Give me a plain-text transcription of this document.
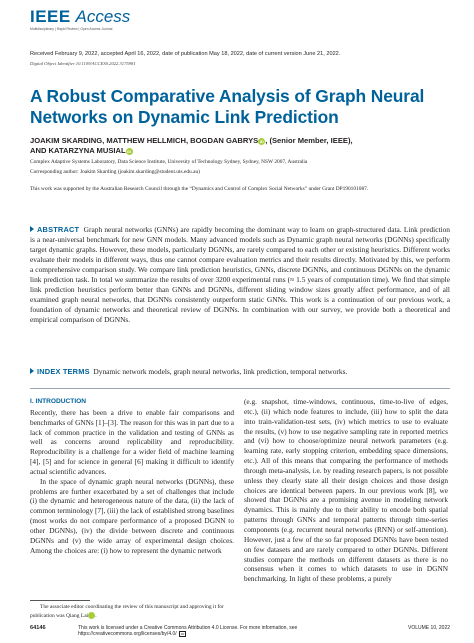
IEEE Access
Multidisciplinary | Rapid Review | Open Access Journal
Received February 9, 2022, accepted April 16, 2022, date of publication May 18, 2022, date of current version June 21, 2022.
Digital Object Identifier 10.1109/ACCESS.2022.3175981
A Robust Comparative Analysis of Graph Neural Networks on Dynamic Link Prediction
JOAKIM SKARDING, MATTHEW HELLMICH, BOGDAN GABRYS iD , (Senior Member, IEEE),
AND KATARZYNA MUSIAL iD
Complex Adaptive Systems Laboratory, Data Science Institute, University of Technology Sydney, Sydney, NSW 2007, Australia
Corresponding author: Joakim Skarding (joakim.skarding@student.uts.edu.au)
This work was supported by the Australian Research Council through the “Dynamics and Control of Complex Social Networks” under Grant DP190101087.
ABSTRACT Graph neural networks (GNNs) are rapidly becoming the dominant way to learn on graph-structured data. Link prediction is a near-universal benchmark for new GNN models. Many advanced models such as Dynamic graph neural networks (DGNNs) specifically target dynamic graphs. However, these models, particularly DGNNs, are rarely compared to each other or existing heuristics. Different works evaluate their models in different ways, thus one cannot compare evaluation metrics and their results directly. Motivated by this, we perform a comprehensive comparison study. We compare link prediction heuristics, GNNs, discrete DGNNs, and continuous DGNNs on the dynamic link prediction task. In total we summarize the results of over 3200 experimental runs (≈ 1.5 years of computation time). We find that simple link prediction heuristics perform better than GNNs and DGNNs, different sliding window sizes greatly affect performance, and of all examined graph neural networks, that DGNNs consistently outperform static GNNs. This work is a continuation of our previous work, a foundation of dynamic networks and theoretical review of DGNNs. In combination with our survey, we provide both a theoretical and empirical comparison of DGNNs.
INDEX TERMS Dynamic network models, graph neural networks, link prediction, temporal networks.
I. INTRODUCTION

Recently, there has been a drive to enable fair comparisons and benchmarks of GNNs [1]–[3]. The reason for this was in part due to a lack of common practice in the validation and testing of GNNs as well as concerns around replicability and reproducibility. Reproducibility is a challenge for a wider field of machine learning [4], [5] and for science in general [6] making it difficult to identify actual scientific advances.

In the space of dynamic graph neural networks (DGNNs), these problems are further exacerbated by a set of challenges that include (i) the dynamic and heterogeneous nature of the data, (ii) the lack of common terminology [7], (iii) the lack of established strong baselines (most works do not compare performance of a proposed DGNN to other DGNNs), (iv) the divide between discrete and continuous DGNNs and (v) the wide array of experimental design choices. Among the choices are: (i) how to represent the dynamic network

(e.g. snapshot, time-windows, continuous, time-to-live of edges, etc.), (ii) which node features to include, (iii) how to split the data into train-validation-test sets, (iv) which metrics to use to evaluate the results, (v) how to use negative sampling rate in reported metrics and (vi) how to choose/optimize neural network parameters (e.g. learning rate, early stopping criterion, embedding space dimensions, etc.). All of this means that comparing the performance of methods through meta-analysis, i.e. by reading research papers, is not possible unless they clearly state all their design choices and those design choices are identical between papers. In our previous work [8], we showed that DGNNs are a promising avenue in modeling network dynamics. This is mainly due to their ability to encode both spatial patterns through GNNs and temporal patterns through time-series components (e.g. recurrent neural networks (RNN) or self-attention). However, just a few of the so far proposed DGNNs have been tested on few datasets and are rarely compared to other DGNNs. Different studies compare the methods on different datasets as there is no consensus when it comes to which datasets to use in DGNN benchmarking. In light of these problems, a purely

The associate editor coordinating the review of this manuscript and approving it for publication was Qiang Lai	iD.

64146	This work is licensed under a Creative Commons Attribution 4.0 License. For more information, see https://creativecommons.org/licenses/by/4.0/ cc
VOLUME 10, 2022
